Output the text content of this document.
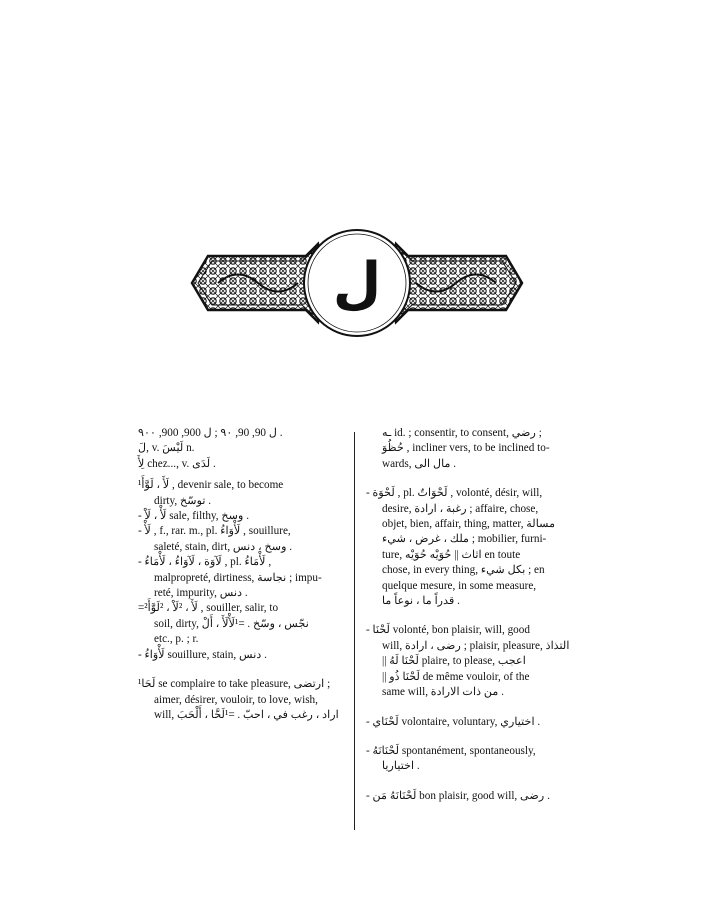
ل
ل 90, 90, ٩٠ ; ل 900, 900, ٩٠٠ .
لَ, v. لَيْسَ n.
لِأَ chez..., v. لَدَى .
¹لَأَ ، لَوَّأَ , devenir sale, to become
dirty, توسّخ .
- لَأْ ، لَاْ sale, filthy, وسخ .
- لَأْ , f., rar. m., pl. لَأْوَاءُ , souillure,
saleté, stain, dirt, وسخ ، دنس .
- لَآوَة ، لَآوَاءُ ، لَأْمَاءُ , pl. لَأْمَاءُ ,
malpropreté, dirtiness, نجاسة ; impu-
reté, impurity, دنس .
=²لَأَ ، ²لَاْ ، ²لَوَّأَ , souiller, salir, to
soil, dirty, نجّس ، وسّخ . =¹لَأْلَأَ ، أَلْ
etc., p. ; r.
- لَأْوَاءُ souillure, stain, دنس .
¹لَحَا se complaire to take pleasure, ارتضى ;
aimer, désirer, vouloir, to love, wish,
will, اراد ، رغب في ، احبّ . =¹لَحَّا ، أَلْحَبَ
ـه id. ; consentir, to consent, رضي ;
حُظُوَ , incliner vers, to be inclined to-
wards, مال الى .
- لَحْوَة , pl. لَحْوَاتٌ , volonté, désir, will,
desire, رغبة ، ارادة ; affaire, chose,
objet, bien, affair, thing, matter, مسالة
ملك ، غرض ، شيء ; mobilier, furni-
ture, اثاث || حُوَيْه حُوَيْه en toute
chose, in every thing, بكل شيء ; en
quelque mesure, in some measure,
قدراً ما ، نوعاً ما .
- لَحْنَا volonté, bon plaisir, will, good
will, رضى ، ارادة ; plaisir, pleasure, التذاذ
|| لَحْنَا لَهُ plaire, to please, اعجب
|| لَحْنَا ذُو de même vouloir, of the
same will, من ذات الارادة .
- لَحْنَاي volontaire, voluntary, اختياري .
- لَحْنَانَهُ spontanément, spontaneously,
اختياريا .
- لَحْنَانَهُ مَن bon plaisir, good will, رضى .
